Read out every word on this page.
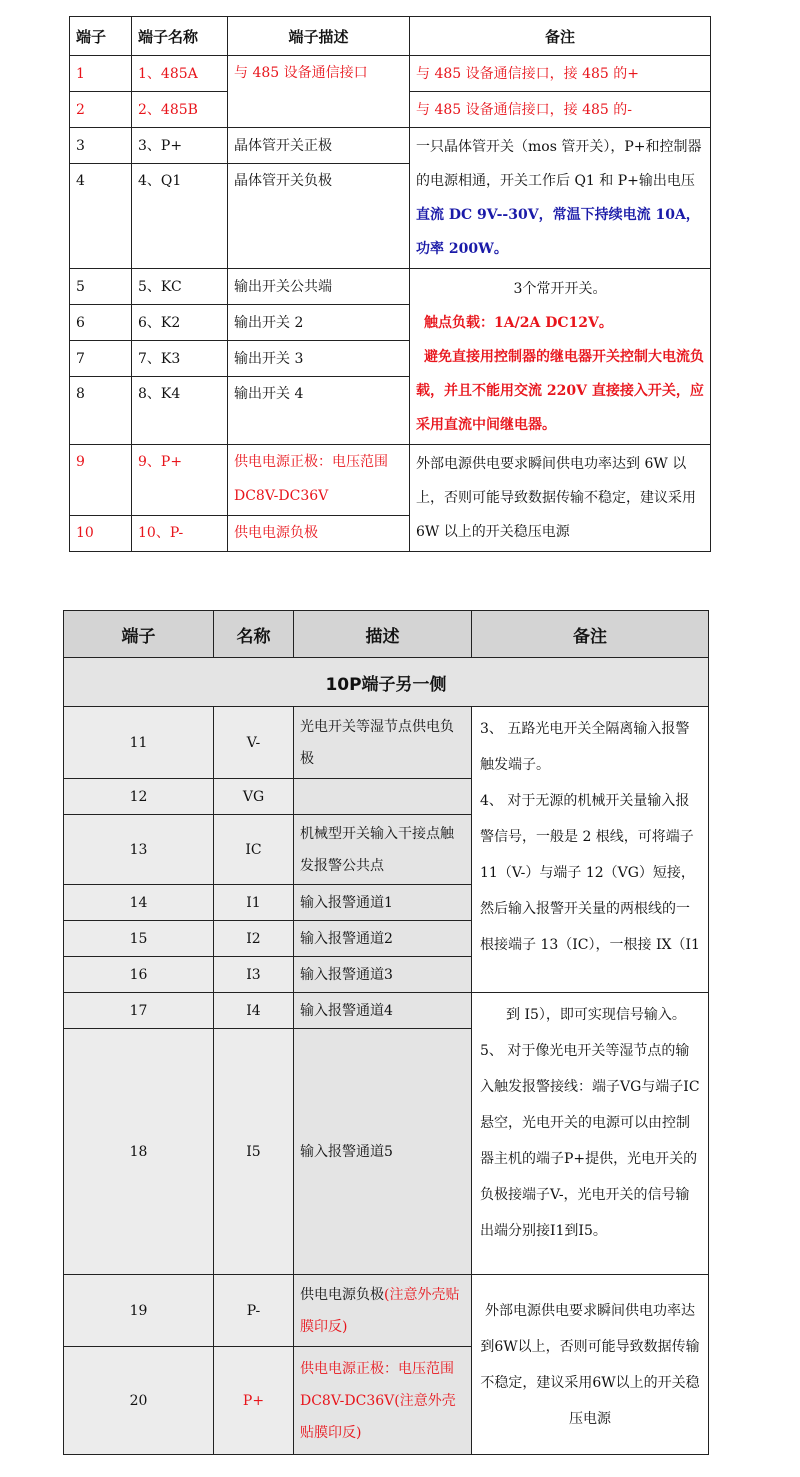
端子	端子名称	端子描述	备注
1	1、485A	与 485 设备通信接口	与 485 设备通信接口，接 485 的+
2	2、485B		与 485 设备通信接口，接 485 的-
3	3、P+	晶体管开关正极	一只晶体管开关（mos 管开关），P+和控制器的电源相通，开关工作后 Q1 和 P+输出电压直流 DC 9V--30V，常温下持续电流 10A，功率 200W。
4	4、Q1	晶体管开关负极	
5	5、KC	输出开关公共端	3个常开开关。
触点负载：1A/2A DC12V。
避免直接用控制器的继电器开关控制大电流负载，并且不能用交流 220V 直接接入开关，应采用直流中间继电器。

6	6、K2	输出开关 2	
7	7、K3	输出开关 3	
8	8、K4	输出开关 4	
9	9、P+	供电电源正极：电压范围 DC8V-DC36V	外部电源供电要求瞬间供电功率达到 6W 以上，否则可能导致数据传输不稳定，建议采用 6W 以上的开关稳压电源
10	10、P-	供电电源负极	
端子	名称	描述	备注
10P端子另一侧			
11	V-	光电开关等湿节点供电负极	3、 五路光电开关全隔离输入报警触发端子。
4、 对于无源的机械开关量输入报警信号，一般是 2 根线，可将端子 11（V-）与端子 12（VG）短接，然后输入报警开关量的两根线的一根接端子 13（IC），一根接 IX（I1

12	VG		
13	IC	机械型开关输入干接点触发报警公共点	
14	I1	输入报警通道1	
15	I2	输入报警通道2	
16	I3	输入报警通道3	
17	I4	输入报警通道4	到 I5），即可实现信号输入。
5、 对于像光电开关等湿节点的输入触发报警接线：端子VG与端子IC悬空，光电开关的电源可以由控制器主机的端子P+提供，光电开关的负极接端子V-，光电开关的信号输出端分别接I1到I5。

18	I5	输入报警通道5	
19	P-	供电电源负极(注意外壳贴膜印反)	外部电源供电要求瞬间供电功率达到6W以上，否则可能导致数据传输不稳定，建议采用6W以上的开关稳压电源
20	P+	供电电源正极：电压范围DC8V-DC36V(注意外壳贴膜印反)	
